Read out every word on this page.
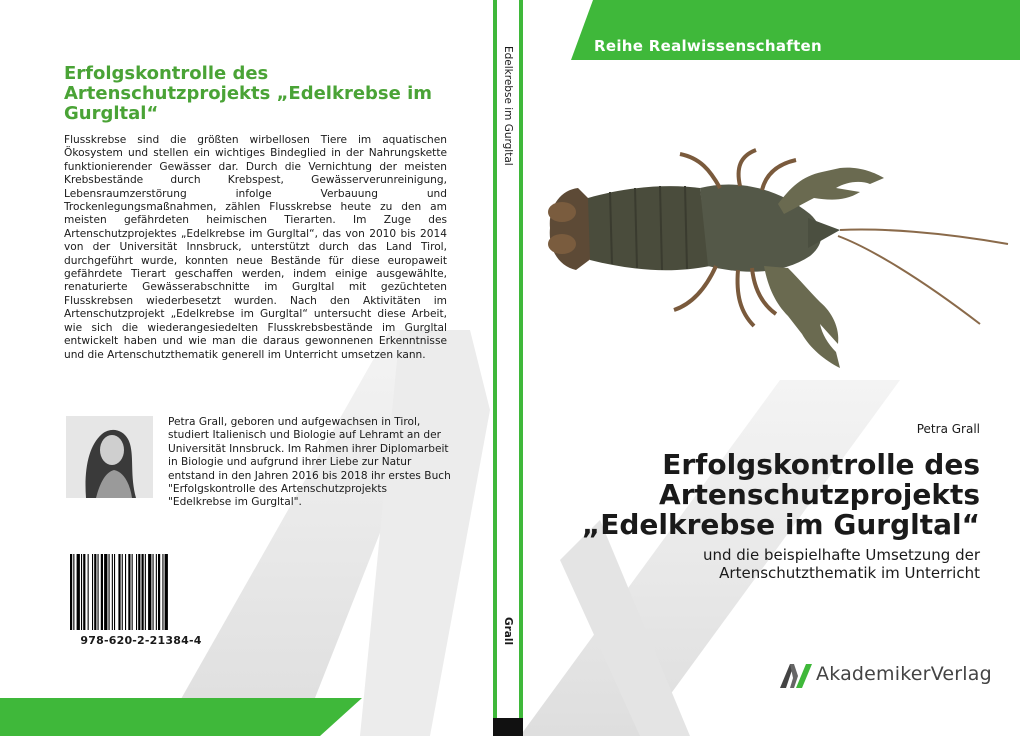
Erfolgskontrolle des Artenschutzprojekts „Edelkrebse im Gurgltal“
Flusskrebse sind die größten wirbellosen Tiere im aquatischen Ökosystem und stellen ein wichtiges Bindeglied in der Nahrungskette funktionierender Gewässer dar. Durch die Vernichtung der meisten Krebsbestände durch Krebspest, Gewässerverunreinigung, Lebensraumzerstörung infolge Verbauung und Trockenlegungsmaßnahmen, zählen Flusskrebse heute zu den am meisten gefährdeten heimischen Tierarten. Im Zuge des Artenschutzprojektes „Edelkrebse im Gurgltal“, das von 2010 bis 2014 von der Universität Innsbruck, unterstützt durch das Land Tirol, durchgeführt wurde, konnten neue Bestände für diese europaweit gefährdete Tierart geschaffen werden, indem einige ausgewählte, renaturierte Gewässerabschnitte im Gurgltal mit gezüchteten Flusskrebsen wiederbesetzt wurden. Nach den Aktivitäten im Artenschutzprojekt „Edelkrebse im Gurgltal“ untersucht diese Arbeit, wie sich die wiederangesiedelten Flusskrebsbestände im Gurgltal entwickelt haben und wie man die daraus gewonnenen Erkenntnisse und die Artenschutzthematik generell im Unterricht umsetzen kann.
Petra Grall, geboren und aufgewachsen in Tirol, studiert Italienisch und Biologie auf Lehramt an der Universität Innsbruck. Im Rahmen ihrer Diplomarbeit in Biologie und aufgrund ihrer Liebe zur Natur entstand in den Jahren 2016 bis 2018 ihr erstes Buch "Erfolgskontrolle des Artenschutzprojekts "Edelkrebse im Gurgltal".
978-620-2-21384-4
Edelkrebse im Gurgltal
Grall
Reihe Realwissenschaften
Petra Grall
Erfolgskontrolle des
Artenschutzprojekts
„Edelkrebse im Gurgltal“
und die beispielhafte Umsetzung der
Artenschutzthematik im Unterricht
AkademikerVerlag
